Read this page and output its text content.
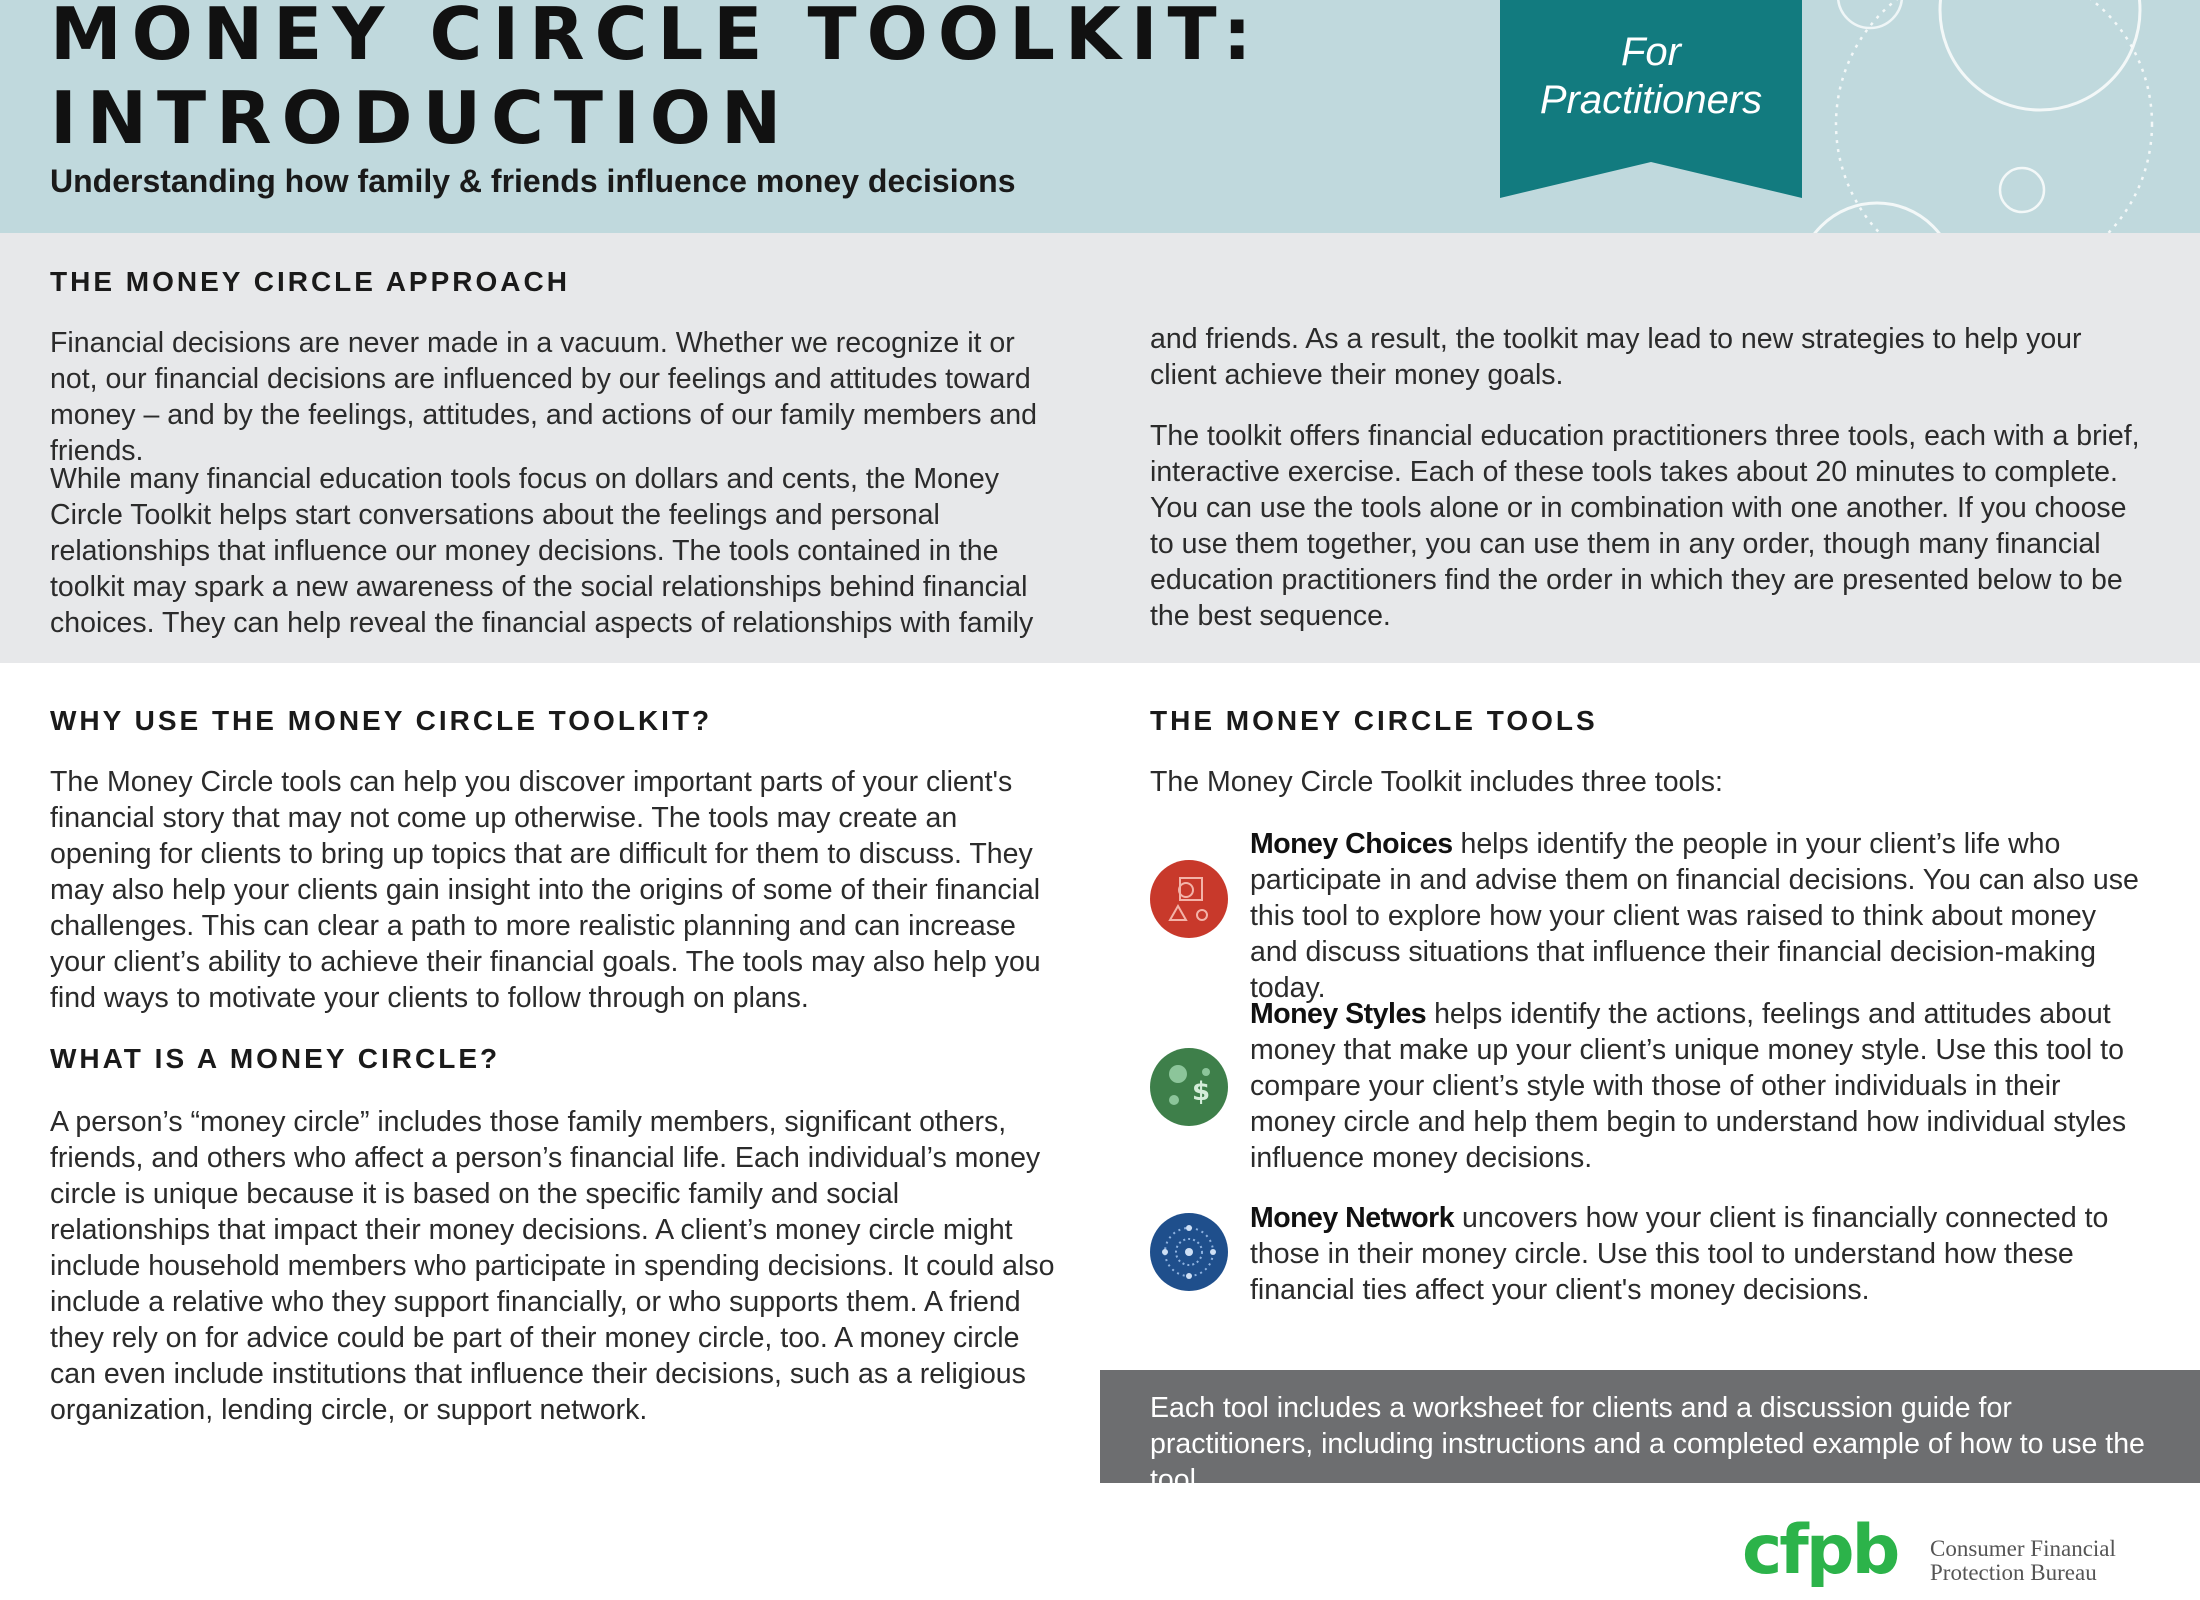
MONEY CIRCLE TOOLKIT:
INTRODUCTION

Understanding how family & friends influence money decisions

For
Practitioners
THE MONEY CIRCLE APPROACH

Financial decisions are never made in a vacuum. Whether we recognize it or not, our financial decisions are influenced by our feelings and attitudes toward money – and by the feelings, attitudes, and actions of our family members and friends.

While many financial education tools focus on dollars and cents, the Money Circle Toolkit helps start conversations about the feelings and personal relationships that influence our money decisions. The tools contained in the toolkit may spark a new awareness of the social relationships behind financial choices. They can help reveal the financial aspects of relationships with family

and friends. As a result, the toolkit may lead to new strategies to help your client achieve their money goals.

The toolkit offers financial education practitioners three tools, each with a brief, interactive exercise. Each of these tools takes about 20 minutes to complete. You can use the tools alone or in combination with one another. If you choose to use them together, you can use them in any order, though many financial education practitioners find the order in which they are presented below to be the best sequence.

WHY USE THE MONEY CIRCLE TOOLKIT?

The Money Circle tools can help you discover important parts of your client's financial story that may not come up otherwise. The tools may create an opening for clients to bring up topics that are difficult for them to discuss. They may also help your clients gain insight into the origins of some of their financial challenges. This can clear a path to more realistic planning and can increase your client’s ability to achieve their financial goals. The tools may also help you find ways to motivate your clients to follow through on plans.

WHAT IS A MONEY CIRCLE?

A person’s “money circle” includes those family members, significant others, friends, and others who affect a person’s financial life. Each individual’s money circle is unique because it is based on the specific family and social relationships that impact their money decisions. A client’s money circle might include household members who participate in spending decisions. It could also include a relative who they support financially, or who supports them. A friend they rely on for advice could be part of their money circle, too. A money circle can even include institutions that influence their decisions, such as a religious organization, lending circle, or support network.

THE MONEY CIRCLE TOOLS

The Money Circle Toolkit includes three tools:

Money Choices helps identify the people in your client’s life who participate in and advise them on financial decisions. You can also use this tool to explore how your client was raised to think about money and discuss situations that influence their financial decision-making today.

$

Money Styles helps identify the actions, feelings and attitudes about money that make up your client’s unique money style. Use this tool to compare your client’s style with those of other individuals in their money circle and help them begin to understand how individual styles influence money decisions.

Money Network uncovers how your client is financially connected to those in their money circle. Use this tool to understand how these financial ties affect your client's money decisions.

Each tool includes a worksheet for clients and a discussion guide for practitioners, including instructions and a completed example of how to use the tool.

cfpb Consumer Financial
Protection Bureau
